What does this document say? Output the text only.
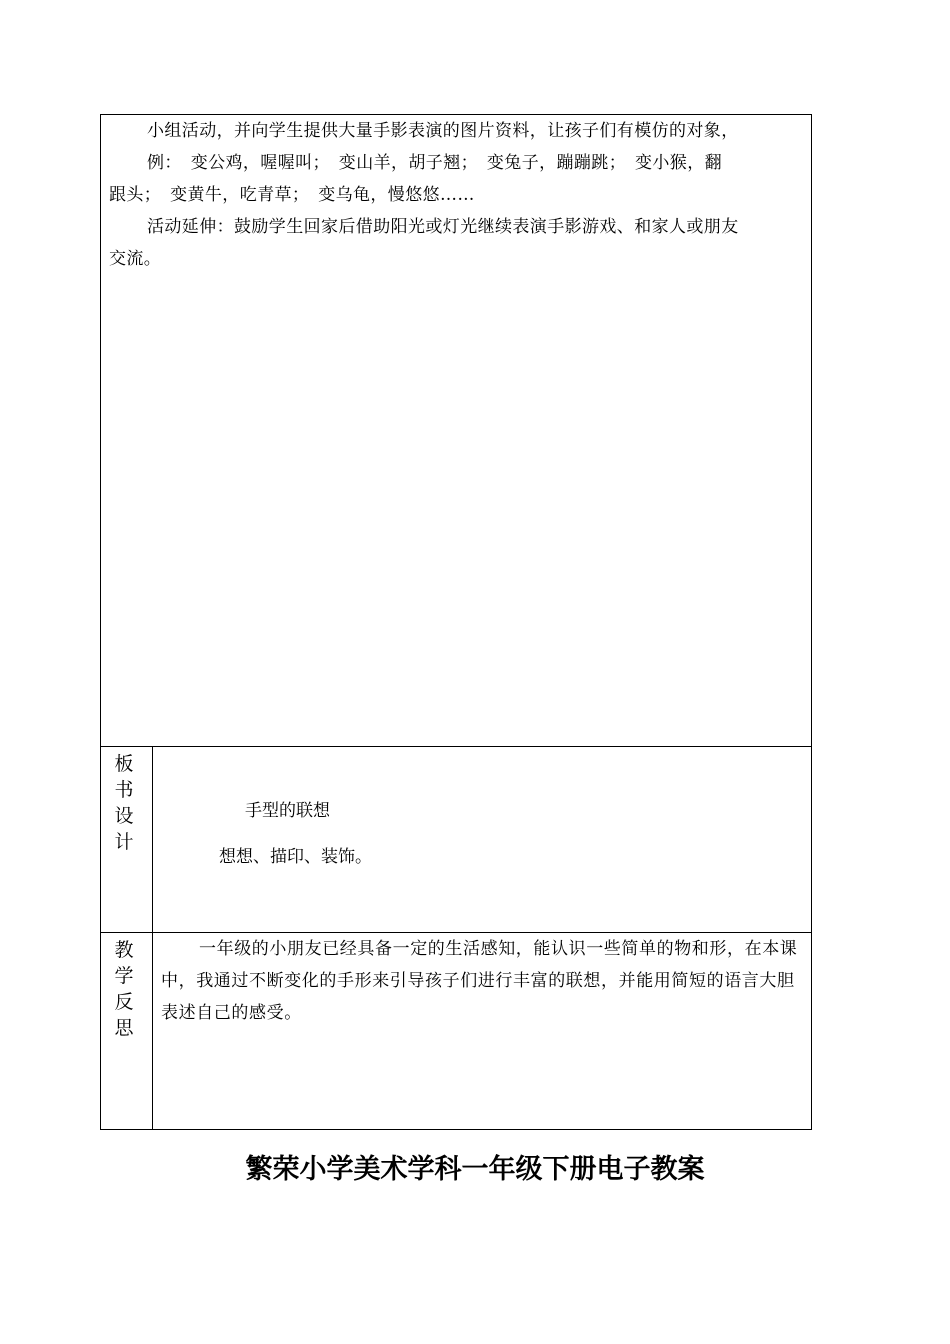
小组活动，并向学生提供大量手影表演的图片资料，让孩子们有模仿的对象，

例：　变公鸡，喔喔叫；　变山羊，胡子翘；　变兔子，蹦蹦跳；　变小猴，翻

跟头；　变黄牛，吃青草；　变乌龟，慢悠悠……

活动延伸：鼓励学生回家后借助阳光或灯光继续表演手影游戏、和家人或朋友

交流。

板书设计
手型的联想
想想、描印、装饰。
教学反思

一年级的小朋友已经具备一定的生活感知，能认识一些简单的物和形，在本课中，我通过不断变化的手形来引导孩子们进行丰富的联想，并能用简短的语言大胆表述自己的感受。

繁荣小学美术学科一年级下册电子教案
